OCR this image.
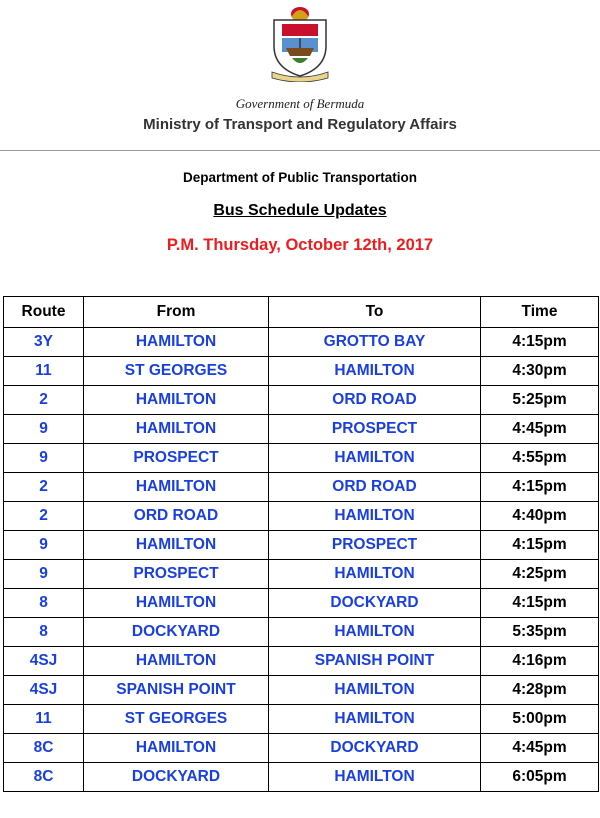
Government of Bermuda
Ministry of Transport and Regulatory Affairs
Department of Public Transportation
Bus Schedule Updates
P.M. Thursday, October 12th, 2017
Route	From	To	Time
3Y	HAMILTON	GROTTO BAY	4:15pm
11	ST GEORGES	HAMILTON	4:30pm
2	HAMILTON	ORD ROAD	5:25pm
9	HAMILTON	PROSPECT	4:45pm
9	PROSPECT	HAMILTON	4:55pm
2	HAMILTON	ORD ROAD	4:15pm
2	ORD ROAD	HAMILTON	4:40pm
9	HAMILTON	PROSPECT	4:15pm
9	PROSPECT	HAMILTON	4:25pm
8	HAMILTON	DOCKYARD	4:15pm
8	DOCKYARD	HAMILTON	5:35pm
4SJ	HAMILTON	SPANISH POINT	4:16pm
4SJ	SPANISH POINT	HAMILTON	4:28pm
11	ST GEORGES	HAMILTON	5:00pm
8C	HAMILTON	DOCKYARD	4:45pm
8C	DOCKYARD	HAMILTON	6:05pm
